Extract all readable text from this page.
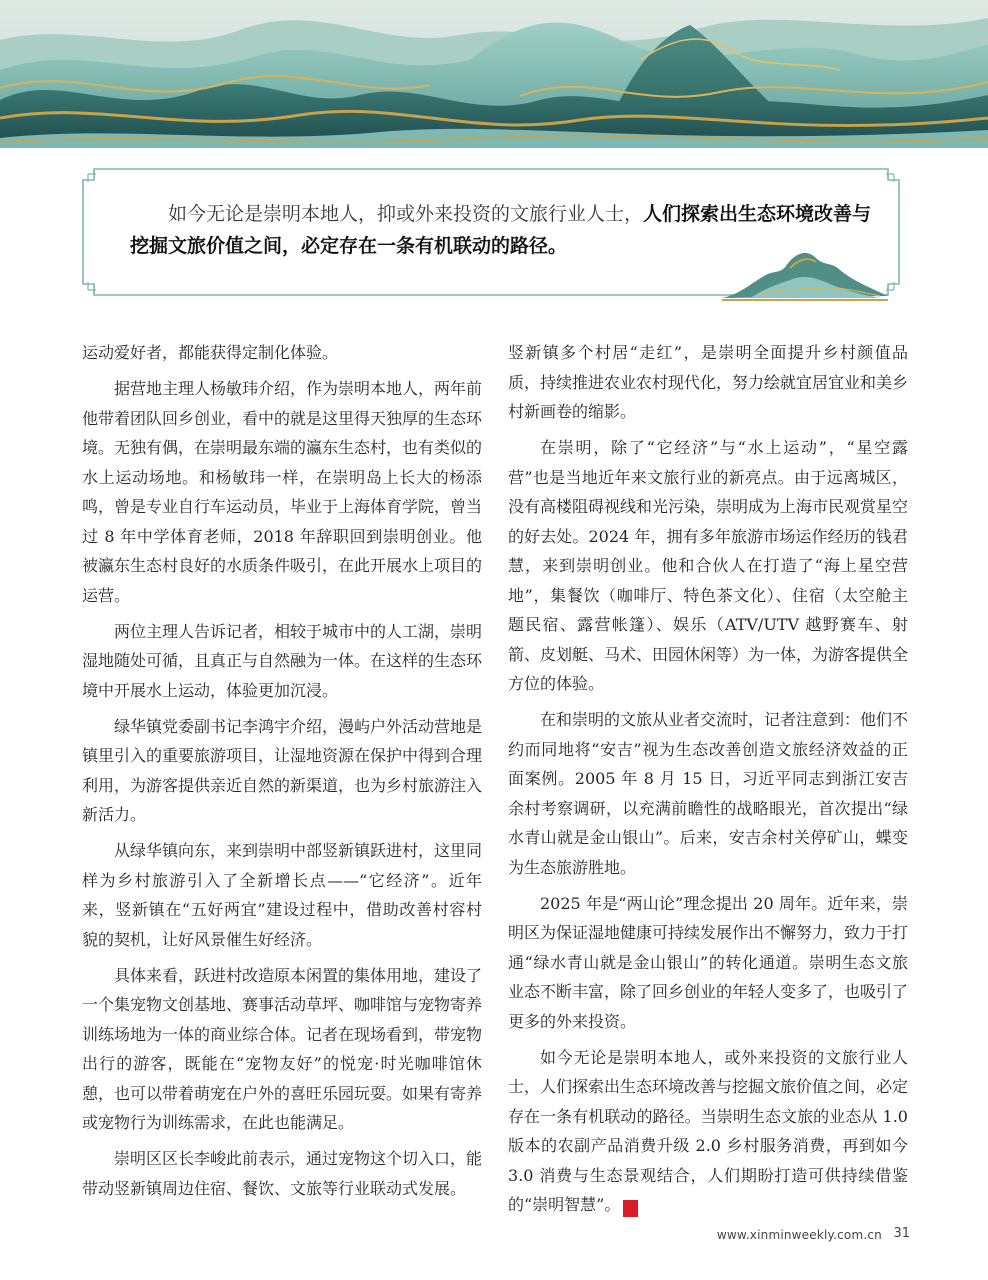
如今无论是崇明本地人，抑或外来投资的文旅行业人士，人们探索出生态环境改善与挖掘文旅价值之间，必定存在一条有机联动的路径。

运动爱好者，都能获得定制化体验。

据营地主理人杨敏玮介绍，作为崇明本地人，两年前他带着团队回乡创业，看中的就是这里得天独厚的生态环境。无独有偶，在崇明最东端的瀛东生态村，也有类似的水上运动场地。和杨敏玮一样，在崇明岛上长大的杨添鸣，曾是专业自行车运动员，毕业于上海体育学院，曾当过 8 年中学体育老师，2018 年辞职回到崇明创业。他被瀛东生态村良好的水质条件吸引，在此开展水上项目的运营。

两位主理人告诉记者，相较于城市中的人工湖，崇明湿地随处可循，且真正与自然融为一体。在这样的生态环境中开展水上运动，体验更加沉浸。

绿华镇党委副书记李鸿宇介绍，漫屿户外活动营地是镇里引入的重要旅游项目，让湿地资源在保护中得到合理利用，为游客提供亲近自然的新渠道，也为乡村旅游注入新活力。

从绿华镇向东，来到崇明中部竖新镇跃进村，这里同样为乡村旅游引入了全新增长点——“它经济”。近年来，竖新镇在“五好两宜”建设过程中，借助改善村容村貌的契机，让好风景催生好经济。

具体来看，跃进村改造原本闲置的集体用地，建设了一个集宠物文创基地、赛事活动草坪、咖啡馆与宠物寄养训练场地为一体的商业综合体。记者在现场看到，带宠物出行的游客，既能在“宠物友好”的悦宠·时光咖啡馆休憩，也可以带着萌宠在户外的喜旺乐园玩耍。如果有寄养或宠物行为训练需求，在此也能满足。

崇明区区长李峻此前表示，通过宠物这个切入口，能带动竖新镇周边住宿、餐饮、文旅等行业联动式发展。

竖新镇多个村居“走红”，是崇明全面提升乡村颜值品质，持续推进农业农村现代化，努力绘就宜居宜业和美乡村新画卷的缩影。

在崇明，除了“它经济”与“水上运动”，“星空露营”也是当地近年来文旅行业的新亮点。由于远离城区，没有高楼阻碍视线和光污染，崇明成为上海市民观赏星空的好去处。2024 年，拥有多年旅游市场运作经历的钱君慧，来到崇明创业。他和合伙人在打造了“海上星空营地”，集餐饮（咖啡厅、特色茶文化）、住宿（太空舱主题民宿、露营帐篷）、娱乐（ATV/UTV 越野赛车、射箭、皮划艇、马术、田园休闲等）为一体，为游客提供全方位的体验。

在和崇明的文旅从业者交流时，记者注意到：他们不约而同地将“安吉”视为生态改善创造文旅经济效益的正面案例。2005 年 8 月 15 日，习近平同志到浙江安吉余村考察调研，以充满前瞻性的战略眼光，首次提出“绿水青山就是金山银山”。后来，安吉余村关停矿山，蝶变为生态旅游胜地。

2025 年是“两山论”理念提出 20 周年。近年来，崇明区为保证湿地健康可持续发展作出不懈努力，致力于打通“绿水青山就是金山银山”的转化通道。崇明生态文旅业态不断丰富，除了回乡创业的年轻人变多了，也吸引了更多的外来投资。

如今无论是崇明本地人，或外来投资的文旅行业人士，人们探索出生态环境改善与挖掘文旅价值之间，必定存在一条有机联动的路径。当崇明生态文旅的业态从 1.0 版本的农副产品消费升级 2.0 乡村服务消费，再到如今 3.0 消费与生态景观结合，人们期盼打造可供持续借鉴的“崇明智慧”。	民

www.xinminweekly.com.cn 31
